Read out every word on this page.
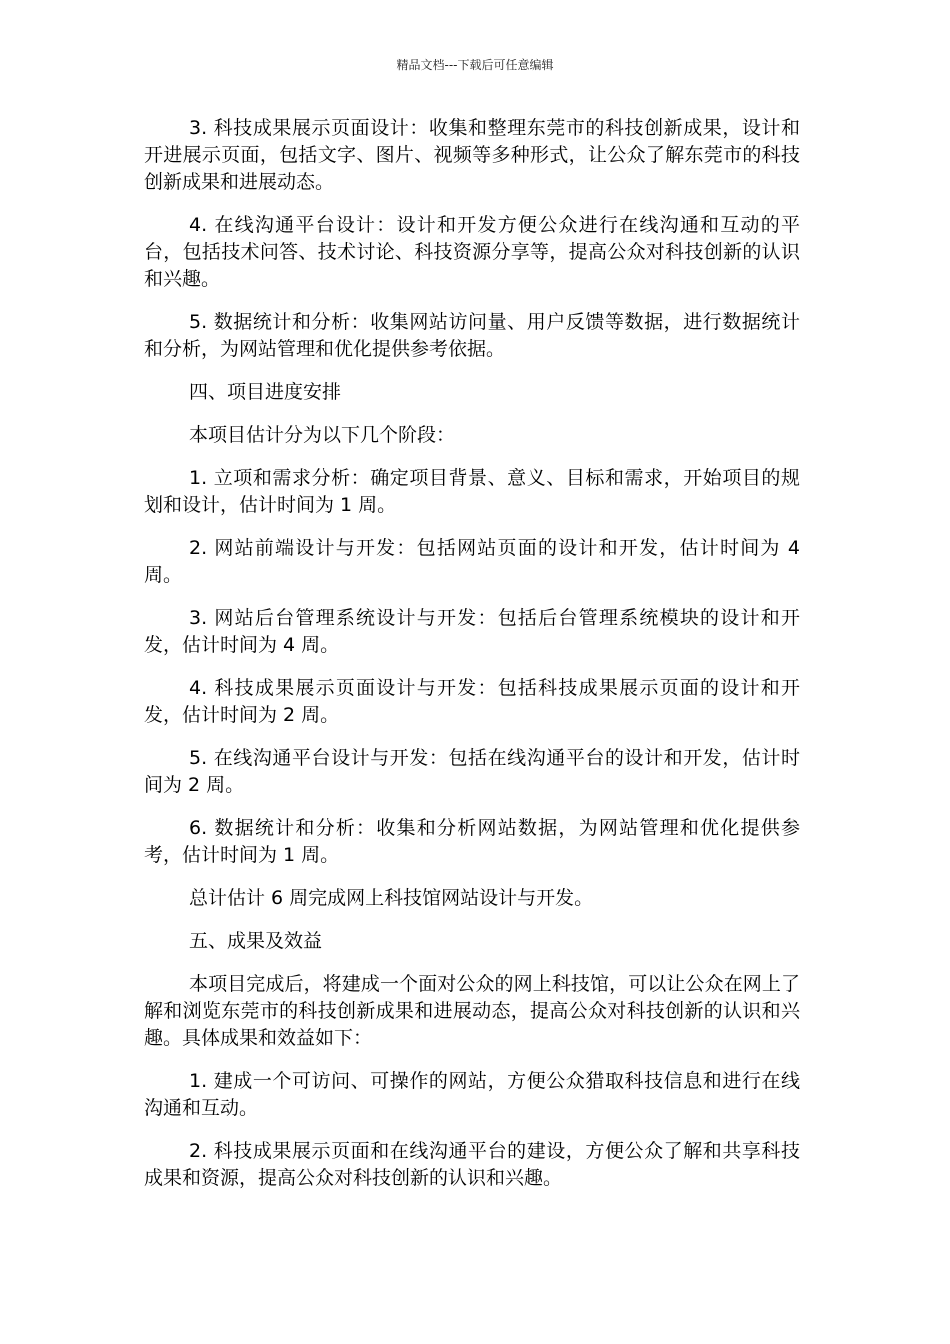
精品文档---下载后可任意编辑

3. 科技成果展示页面设计：收集和整理东莞市的科技创新成果，设计和开进展示页面，包括文字、图片、视频等多种形式，让公众了解东莞市的科技创新成果和进展动态。

4. 在线沟通平台设计：设计和开发方便公众进行在线沟通和互动的平台，包括技术问答、技术讨论、科技资源分享等，提高公众对科技创新的认识和兴趣。

5. 数据统计和分析：收集网站访问量、用户反馈等数据，进行数据统计和分析，为网站管理和优化提供参考依据。

四、项目进度安排

本项目估计分为以下几个阶段：

1. 立项和需求分析：确定项目背景、意义、目标和需求，开始项目的规划和设计，估计时间为 1 周。

2. 网站前端设计与开发：包括网站页面的设计和开发，估计时间为 4 周。

3. 网站后台管理系统设计与开发：包括后台管理系统模块的设计和开发，估计时间为 4 周。

4. 科技成果展示页面设计与开发：包括科技成果展示页面的设计和开发，估计时间为 2 周。

5. 在线沟通平台设计与开发：包括在线沟通平台的设计和开发，估计时间为 2 周。

6. 数据统计和分析：收集和分析网站数据，为网站管理和优化提供参考，估计时间为 1 周。

总计估计 6 周完成网上科技馆网站设计与开发。

五、成果及效益

本项目完成后，将建成一个面对公众的网上科技馆，可以让公众在网上了解和浏览东莞市的科技创新成果和进展动态，提高公众对科技创新的认识和兴趣。具体成果和效益如下：

1. 建成一个可访问、可操作的网站，方便公众猎取科技信息和进行在线沟通和互动。

2. 科技成果展示页面和在线沟通平台的建设，方便公众了解和共享科技成果和资源，提高公众对科技创新的认识和兴趣。
